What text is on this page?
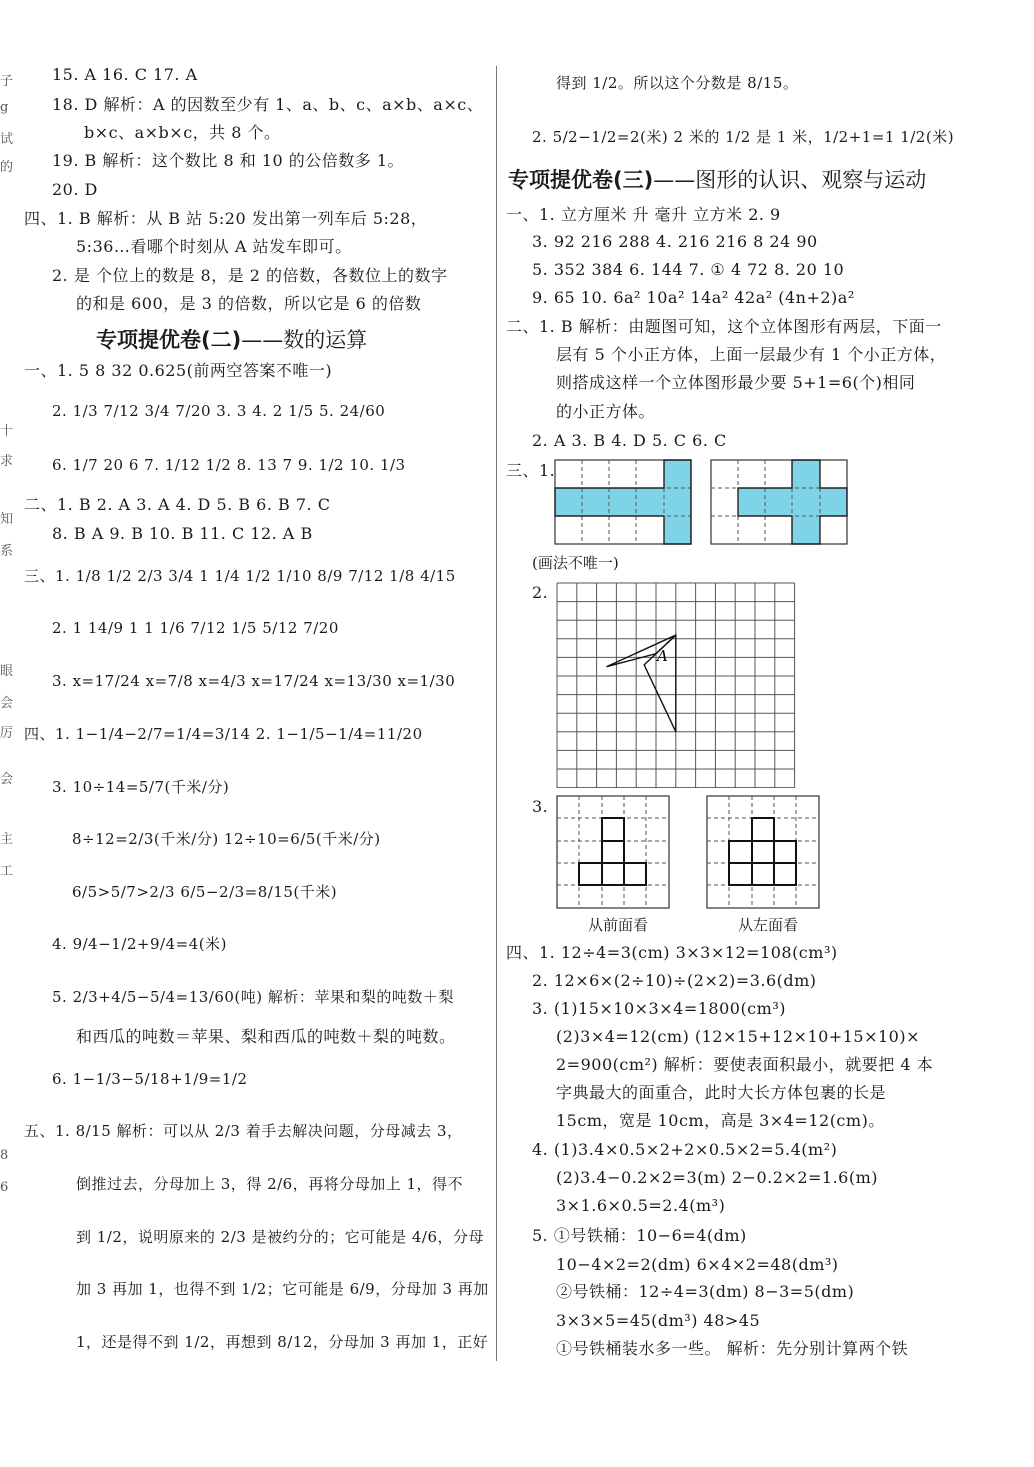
子
g
试
的
十
求
知
系
眼
会
厉
会
主
工
8
6
15. A 16. C 17. A
18. D 解析：A 的因数至少有 1、a、b、c、a×b、a×c、
b×c、a×b×c，共 8 个。
19. B 解析：这个数比 8 和 10 的公倍数多 1。
20. D
四、1. B 解析：从 B 站 5:20 发出第一列车后 5:28，
5:36…看哪个时刻从 A 站发车即可。
2. 是 个位上的数是 8，是 2 的倍数，各数位上的数字
的和是 600，是 3 的倍数，所以它是 6 的倍数
专项提优卷(二)——数的运算
一、1. 5 8 32 0.625(前两空答案不唯一)
2. 1/3 7/12 3/4 7/20 3. 3 4. 2 1/5 5. 24/60
6. 1/7 20 6 7. 1/12 1/2 8. 13 7 9. 1/2 10. 1/3
二、1. B 2. A 3. A 4. D 5. B 6. B 7. C
8. B A 9. B 10. B 11. C 12. A B
三、1. 1/8 1/2 2/3 3/4 1 1/4 1/2 1/10 8/9 7/12 1/8 4/15
2. 1 14/9 1 1 1/6 7/12 1/5 5/12 7/20
3. x=17/24 x=7/8 x=4/3 x=17/24 x=13/30 x=1/30
四、1. 1−1/4−2/7=1/4=3/14 2. 1−1/5−1/4=11/20
3. 10÷14=5/7(千米/分)
8÷12=2/3(千米/分) 12÷10=6/5(千米/分)
6/5>5/7>2/3 6/5−2/3=8/15(千米)
4. 9/4−1/2+9/4=4(米)
5. 2/3+4/5−5/4=13/60(吨) 解析：苹果和梨的吨数＋梨
和西瓜的吨数＝苹果、梨和西瓜的吨数＋梨的吨数。
6. 1−1/3−5/18+1/9=1/2
五、1. 8/15 解析：可以从 2/3 着手去解决问题，分母减去 3，
倒推过去，分母加上 3，得 2/6，再将分母加上 1，得不
到 1/2，说明原来的 2/3 是被约分的；它可能是 4/6，分母
加 3 再加 1，也得不到 1/2；它可能是 6/9，分母加 3 再加
1，还是得不到 1/2，再想到 8/12，分母加 3 再加 1，正好
得到 1/2。所以这个分数是 8/15。
2. 5/2−1/2=2(米) 2 米的 1/2 是 1 米，1/2+1=1 1/2(米)
专项提优卷(三)——图形的认识、观察与运动
一、1. 立方厘米 升 毫升 立方米 2. 9
3. 92 216 288 4. 216 216 8 24 90
5. 352 384 6. 144 7. ① 4 72 8. 20 10
9. 65 10. 6a² 10a² 14a² 42a² (4n+2)a²
二、1. B 解析：由题图可知，这个立体图形有两层，下面一
层有 5 个小正方体，上面一层最少有 1 个小正方体，
则搭成这样一个立体图形最少要 5+1=6(个)相同
的小正方体。
2. A 3. B 4. D 5. C 6. C
三、1.
(画法不唯一)
2.
A
3.
从前面看	从左面看
四、1. 12÷4=3(cm) 3×3×12=108(cm³)
2. 12×6×(2÷10)÷(2×2)=3.6(dm)
3. (1)15×10×3×4=1800(cm³)
(2)3×4=12(cm) (12×15+12×10+15×10)×
2=900(cm²) 解析：要使表面积最小，就要把 4 本
字典最大的面重合，此时大长方体包裹的长是
15cm，宽是 10cm，高是 3×4=12(cm)。
4. (1)3.4×0.5×2+2×0.5×2=5.4(m²)
(2)3.4−0.2×2=3(m) 2−0.2×2=1.6(m)
3×1.6×0.5=2.4(m³)
5. ①号铁桶：10−6=4(dm)
10−4×2=2(dm) 6×4×2=48(dm³)
②号铁桶：12÷4=3(dm) 8−3=5(dm)
3×3×5=45(dm³) 48>45
①号铁桶装水多一些。 解析：先分别计算两个铁
